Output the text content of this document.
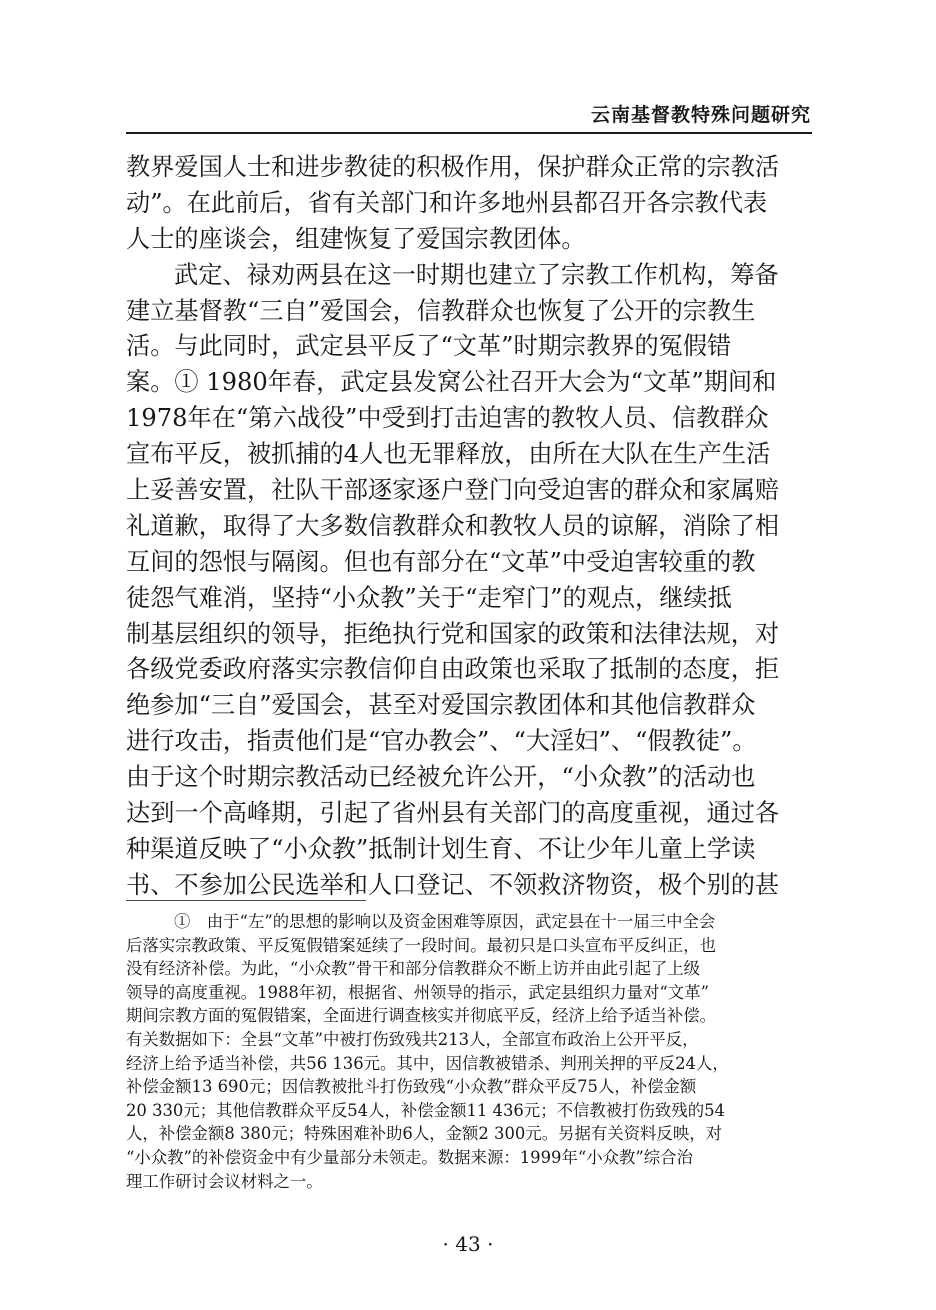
云南基督教特殊问题研究
教界爱国人士和进步教徒的积极作用，保护群众正常的宗教活
动”。在此前后，省有关部门和许多地州县都召开各宗教代表
人士的座谈会，组建恢复了爱国宗教团体。
武定、禄劝两县在这一时期也建立了宗教工作机构，筹备
建立基督教“三自”爱国会，信教群众也恢复了公开的宗教生
活。与此同时，武定县平反了“文革”时期宗教界的冤假错
案。① 1980年春，武定县发窝公社召开大会为“文革”期间和
1978年在“第六战役”中受到打击迫害的教牧人员、信教群众
宣布平反，被抓捕的4人也无罪释放，由所在大队在生产生活
上妥善安置，社队干部逐家逐户登门向受迫害的群众和家属赔
礼道歉，取得了大多数信教群众和教牧人员的谅解，消除了相
互间的怨恨与隔阂。但也有部分在“文革”中受迫害较重的教
徒怨气难消，坚持“小众教”关于“走窄门”的观点，继续抵
制基层组织的领导，拒绝执行党和国家的政策和法律法规，对
各级党委政府落实宗教信仰自由政策也采取了抵制的态度，拒
绝参加“三自”爱国会，甚至对爱国宗教团体和其他信教群众
进行攻击，指责他们是“官办教会”、“大淫妇”、“假教徒”。
由于这个时期宗教活动已经被允许公开，“小众教”的活动也
达到一个高峰期，引起了省州县有关部门的高度重视，通过各
种渠道反映了“小众教”抵制计划生育、不让少年儿童上学读
书、不参加公民选举和人口登记、不领救济物资，极个别的甚
①　由于“左”的思想的影响以及资金困难等原因，武定县在十一届三中全会
后落实宗教政策、平反冤假错案延续了一段时间。最初只是口头宣布平反纠正，也
没有经济补偿。为此，“小众教”骨干和部分信教群众不断上访并由此引起了上级
领导的高度重视。1988年初，根据省、州领导的指示，武定县组织力量对“文革”
期间宗教方面的冤假错案，全面进行调查核实并彻底平反，经济上给予适当补偿。
有关数据如下：全县“文革”中被打伤致残共213人，全部宣布政治上公开平反，
经济上给予适当补偿，共56 136元。其中，因信教被错杀、判刑关押的平反24人，
补偿金额13 690元；因信教被批斗打伤致残“小众教”群众平反75人，补偿金额
20 330元；其他信教群众平反54人，补偿金额11 436元；不信教被打伤致残的54
人，补偿金额8 380元；特殊困难补助6人，金额2 300元。另据有关资料反映，对
“小众教”的补偿资金中有少量部分未领走。数据来源：1999年“小众教”综合治
理工作研讨会议材料之一。
· 43 ·
